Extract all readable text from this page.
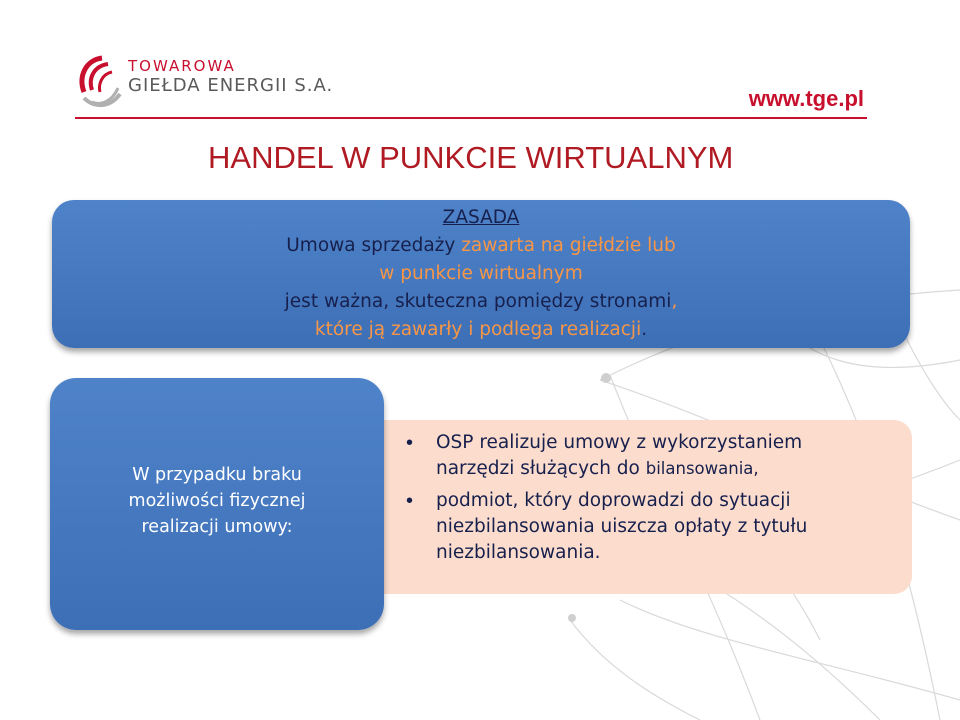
TOWAROWA
GIEŁDA ENERGII S.A.
www.tge.pl
HANDEL W PUNKCIE WIRTUALNYM
ZASADA
Umowa sprzedaży zawarta na giełdzie lub
w punkcie wirtualnym
jest ważna, skuteczna pomiędzy stronami,
które ją zawarły i podlega realizacji.
• OSP realizuje umowy z wykorzystaniem
narzędzi służących do bilansowania,
• podmiot, który doprowadzi do sytuacji
niezbilansowania uiszcza opłaty z tytułu
niezbilansowania.
W przypadku braku
możliwości fizycznej
realizacji umowy:
